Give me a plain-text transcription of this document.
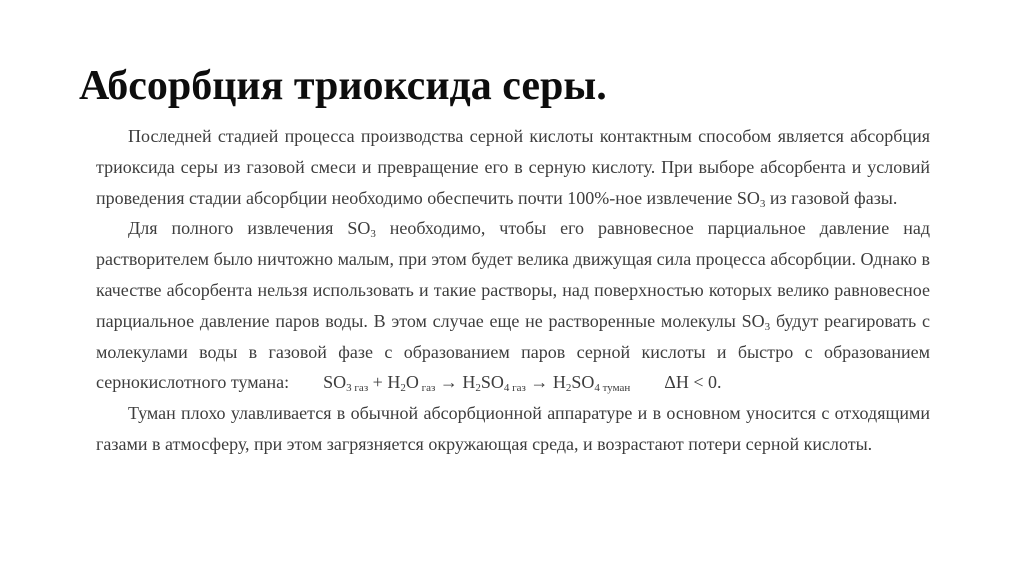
Абсорбция триоксида серы.

Последней стадией процесса производства серной кислоты контактным способом является абсорбция триоксида серы из газовой смеси и превращение его в серную кислоту. При выборе абсорбента и условий проведения стадии абсорбции необходимо обеспечить почти 100%-ное извлечение $SO_3$ из газовой фазы.

Для полного извлечения $SO_3$ необходимо, чтобы его равновесное парциальное давление над растворителем было ничтожно малым, при этом будет велика движущая сила процесса абсорбции. Однако в качестве абсорбента нельзя использовать и такие растворы, над поверхностью которых велико равновесное парциальное давление паров воды. В этом случае еще не растворенные молекулы $SO_3$ будут реагировать с молекулами воды в газовой фазе с образованием паров серной кислоты и быстро с образованием сернокислотного тумана: $SO_{3 газ} + H_2O$ $_{газ} \to H_2SO_{4 газ} \to H_2SO_{4 туман}$ ΔH < 0.

Туман плохо улавливается в обычной абсорбционной аппаратуре и в основном уносится с отходящими газами в атмосферу, при этом загрязняется окружающая среда, и возрастают потери серной кислоты.
